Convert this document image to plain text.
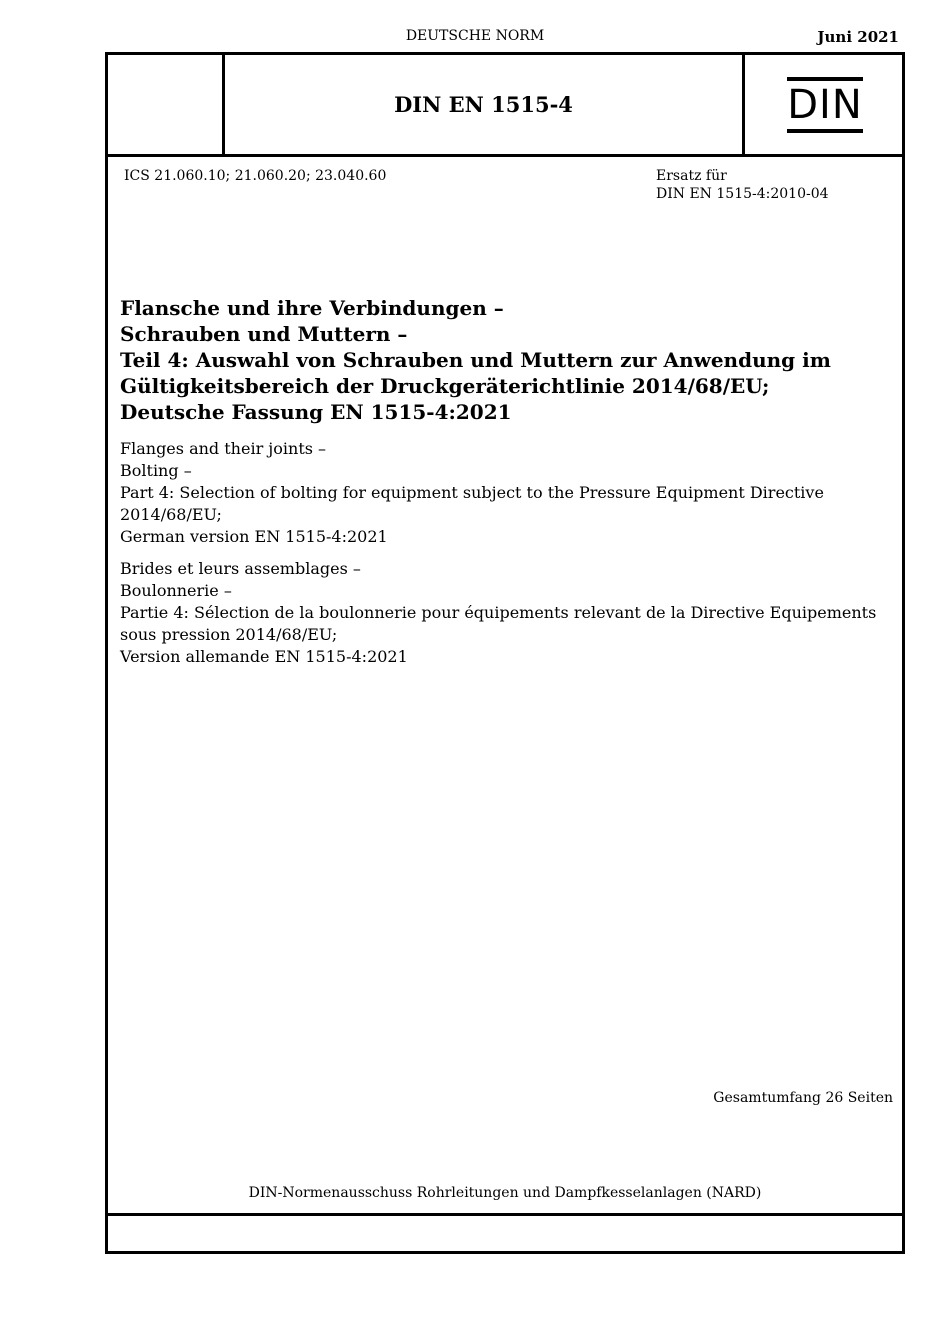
DEUTSCHE NORM	Juni 2021
DIN EN 1515-4	DIN
ICS 21.060.10; 21.060.20; 23.040.60	Ersatz für
DIN EN 1515-4:2010-04
Flansche und ihre Verbindungen –
Schrauben und Muttern –
Teil 4: Auswahl von Schrauben und Muttern zur Anwendung im
Gültigkeitsbereich der Druckgeräterichtlinie 2014/68/EU;
Deutsche Fassung EN 1515-4:2021
Flanges and their joints –
Bolting –
Part 4: Selection of bolting for equipment subject to the Pressure Equipment Directive
2014/68/EU;
German version EN 1515-4:2021
Brides et leurs assemblages –
Boulonnerie –
Partie 4: Sélection de la boulonnerie pour équipements relevant de la Directive Equipements
sous pression 2014/68/EU;
Version allemande EN 1515-4:2021
Gesamtumfang 26 Seiten
DIN-Normenausschuss Rohrleitungen und Dampfkesselanlagen (NARD)
